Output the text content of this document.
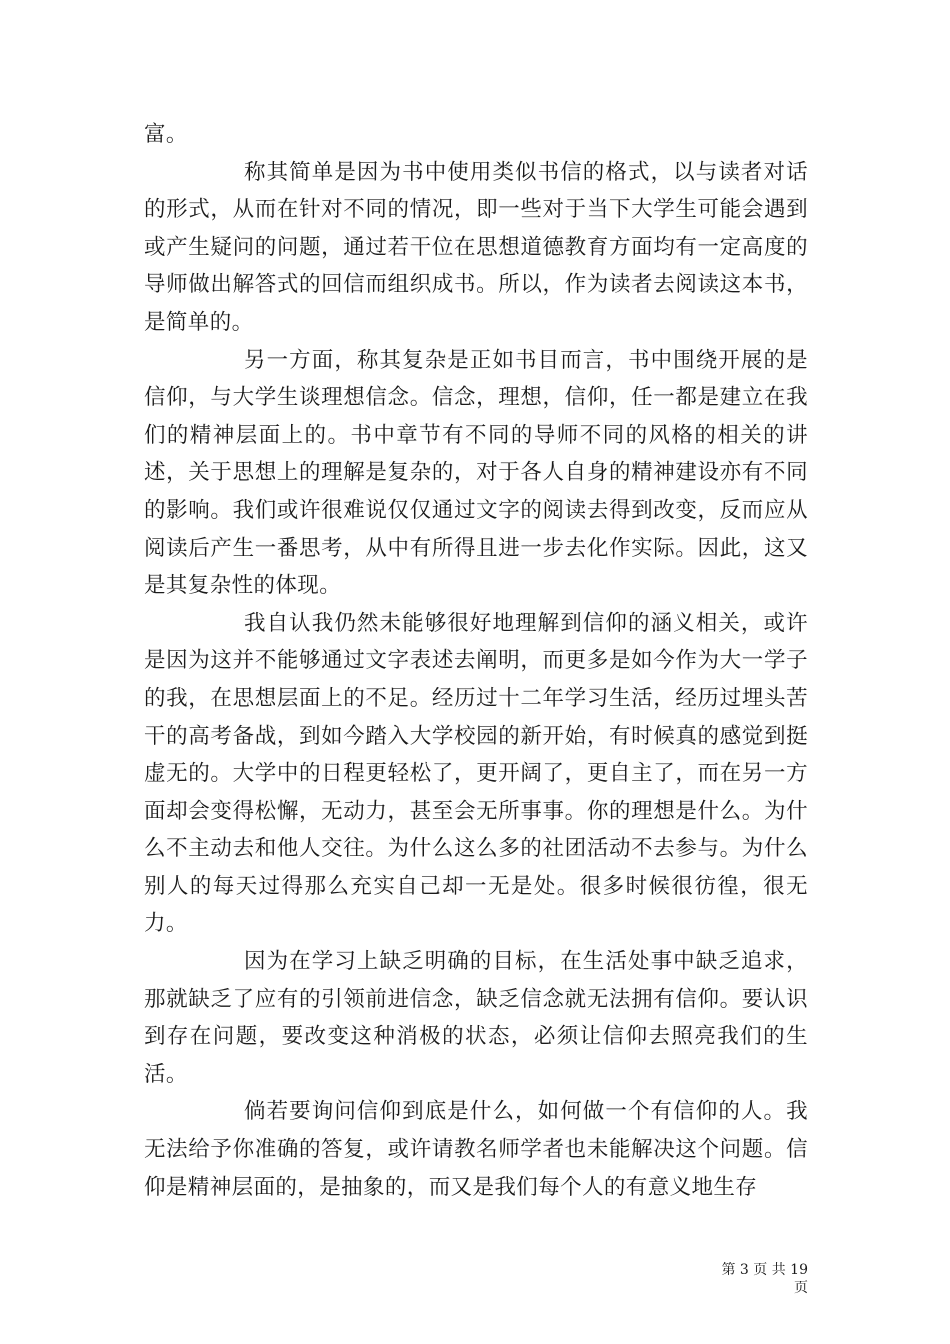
富。

称其简单是因为书中使用类似书信的格式，以与读者对话的形式，从而在针对不同的情况，即一些对于当下大学生可能会遇到或产生疑问的问题，通过若干位在思想道德教育方面均有一定高度的导师做出解答式的回信而组织成书。所以，作为读者去阅读这本书，是简单的。

另一方面，称其复杂是正如书目而言，书中围绕开展的是信仰，与大学生谈理想信念。信念，理想，信仰，任一都是建立在我们的精神层面上的。书中章节有不同的导师不同的风格的相关的讲述，关于思想上的理解是复杂的，对于各人自身的精神建设亦有不同的影响。我们或许很难说仅仅通过文字的阅读去得到改变，反而应从阅读后产生一番思考，从中有所得且进一步去化作实际。因此，这又是其复杂性的体现。

我自认我仍然未能够很好地理解到信仰的涵义相关，或许是因为这并不能够通过文字表述去阐明，而更多是如今作为大一学子的我，在思想层面上的不足。经历过十二年学习生活，经历过埋头苦干的高考备战，到如今踏入大学校园的新开始，有时候真的感觉到挺虚无的。大学中的日程更轻松了，更开阔了，更自主了，而在另一方面却会变得松懈，无动力，甚至会无所事事。你的理想是什么。为什么不主动去和他人交往。为什么这么多的社团活动不去参与。为什么别人的每天过得那么充实自己却一无是处。很多时候很彷徨，很无力。

因为在学习上缺乏明确的目标，在生活处事中缺乏追求，那就缺乏了应有的引领前进信念，缺乏信念就无法拥有信仰。要认识到存在问题，要改变这种消极的状态，必须让信仰去照亮我们的生活。

倘若要询问信仰到底是什么，如何做一个有信仰的人。我无法给予你准确的答复，或许请教名师学者也未能解决这个问题。信仰是精神层面的，是抽象的，而又是我们每个人的有意义地生存

第 3 页 共 19 页
